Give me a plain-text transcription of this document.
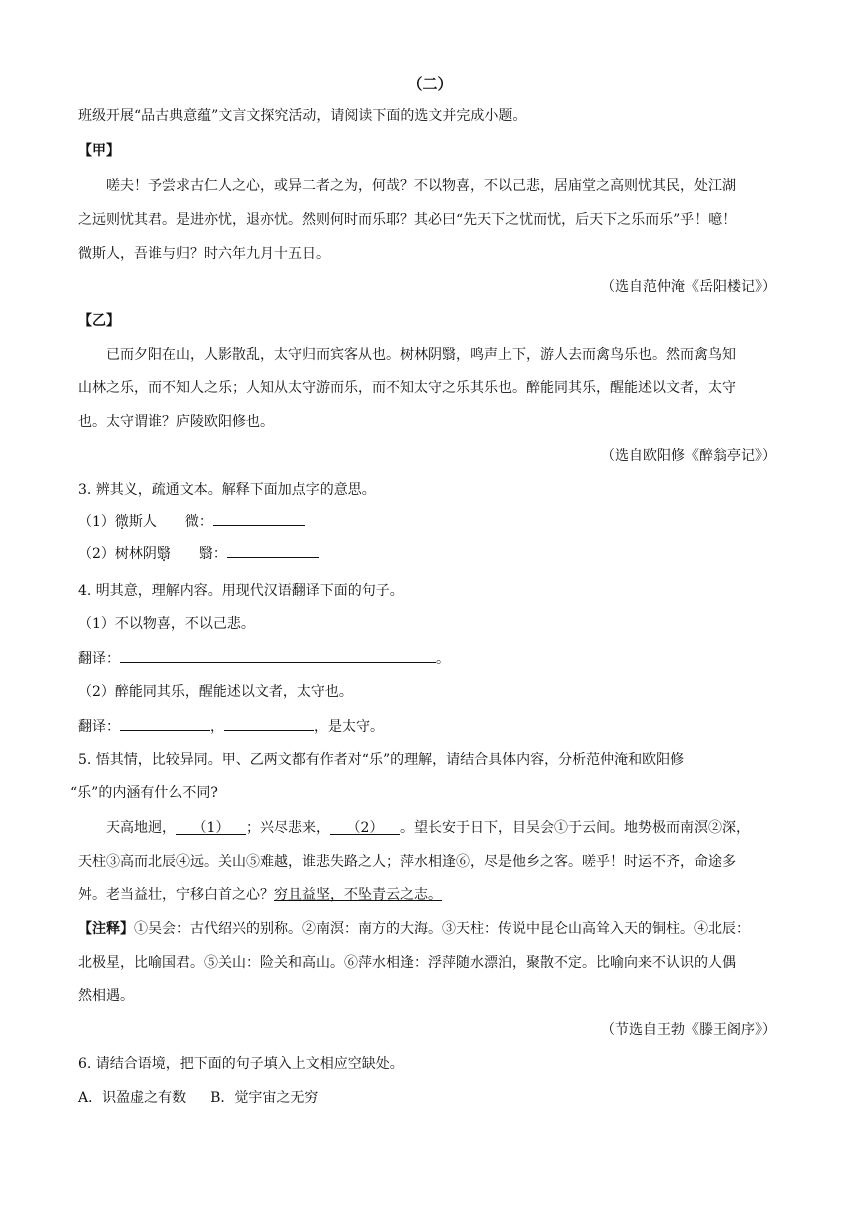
（二）
班级开展“品古典意蕴”文言文探究活动，请阅读下面的选文并完成小题。
【甲】
嗟夫！予尝求古仁人之心，或异二者之为，何哉？不以物喜，不以己悲，居庙堂之高则忧其民，处江湖
之远则忧其君。是进亦忧，退亦忧。然则何时而乐耶？其必曰“先天下之忧而忧，后天下之乐而乐”乎！噫！
微斯人，吾谁与归？时六年九月十五日。
（选自范仲淹《岳阳楼记》）
【乙】
已而夕阳在山，人影散乱，太守归而宾客从也。树林阴翳，鸣声上下，游人去而禽鸟乐也。然而禽鸟知
山林之乐，而不知人之乐；人知从太守游而乐，而不知太守之乐其乐也。醉能同其乐，醒能述以文者，太守
也。太守谓谁？庐陵欧阳修也。
（选自欧阳修《醉翁亭记》）
3. 辨其义，疏通文本。解释下面加点字的意思。
（1）微斯人 微：
（2）树林阴翳 翳：
4. 明其意，理解内容。用现代汉语翻译下面的句子。
（1）不以物喜，不以己悲。
翻译：	。
（2）醉能同其乐，醒能述以文者，太守也。
翻译：	，	，是太守。
5. 悟其情，比较异同。甲、乙两文都有作者对“乐”的理解，请结合具体内容，分析范仲淹和欧阳修
“乐”的内涵有什么不同?
天高地迥， （1） ；兴尽悲来， （2） 。望长安于日下，目吴会①于云间。地势极而南溟②深，
天柱③高而北辰④远。关山⑤难越，谁悲失路之人；萍水相逢⑥，尽是他乡之客。嗟乎！时运不齐，命途多
舛。老当益壮，宁移白首之心？穷且益坚，不坠青云之志。
【注释】①吴会：古代绍兴的别称。②南溟：南方的大海。③天柱：传说中昆仑山高耸入天的铜柱。④北辰：
北极星，比喻国君。⑤关山：险关和高山。⑥萍水相逢：浮萍随水漂泊，聚散不定。比喻向来不认识的人偶
然相遇。
（节选自王勃《滕王阁序》）
6. 请结合语境，把下面的句子填入上文相应空缺处。
A．识盈虚之有数 B．觉宇宙之无穷
